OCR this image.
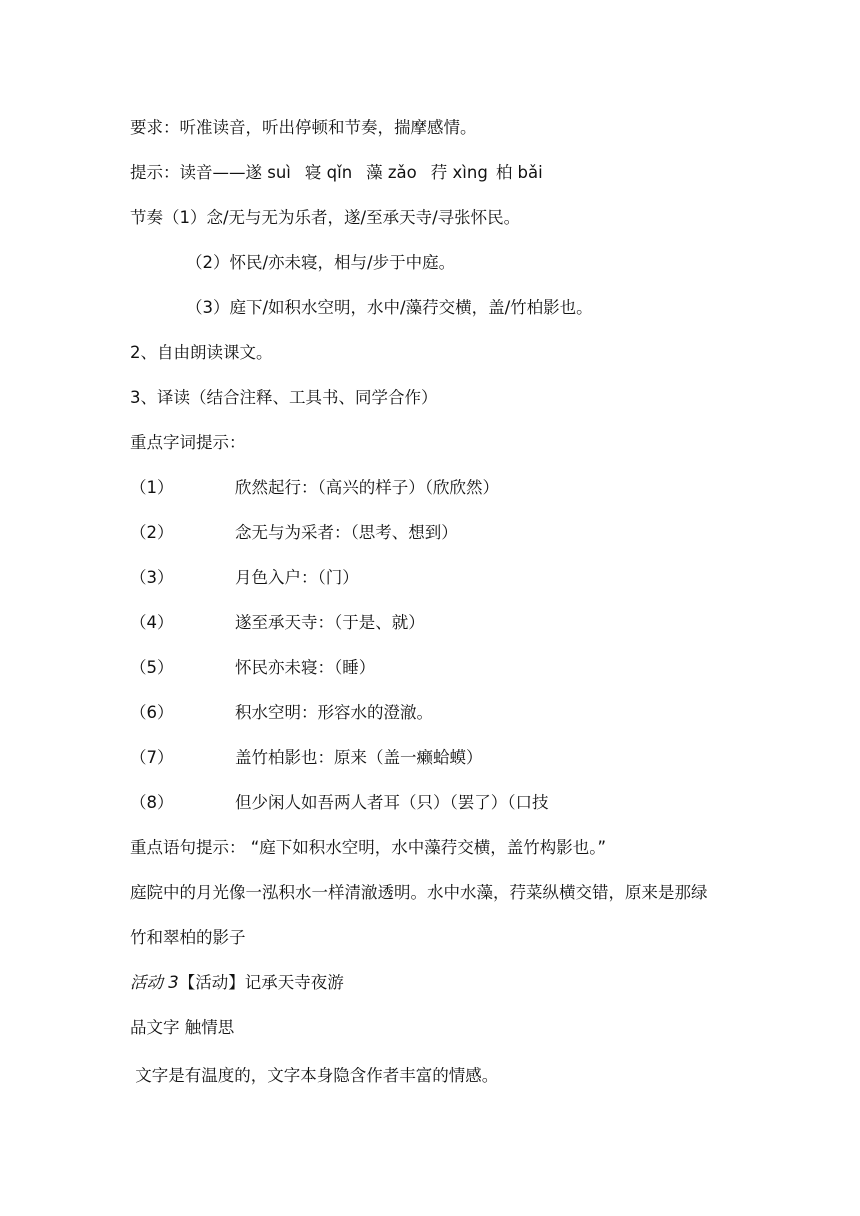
要求：听准读音，听出停顿和节奏，揣摩感情。
提示：读音——遂 suì 寝 qǐn 藻 zǎo 荇 xìng 柏 bǎi
节奏（1）念/无与无为乐者，遂/至承天寺/寻张怀民。
（2）怀民/亦未寝，相与/步于中庭。
（3）庭下/如积水空明，水中/藻荇交横，盖/竹柏影也。
2、自由朗读课文。
3、译读（结合注释、工具书、同学合作）
重点字词提示：
（1）	欣然起行：（高兴的样子）（欣欣然）
（2）	念无与为采者：（思考、想到）
（3）	月色入户：（门）
（4）	遂至承天寺：（于是、就）
（5）	怀民亦未寝：（睡）
（6）	积水空明：形容水的澄澈。
（7）	盖竹柏影也：原来（盖一癞蛤蟆）
（8）	但少闲人如吾两人者耳（只）（罢了）（口技
重点语句提示： “庭下如积水空明，水中藻荇交横，盖竹构影也。”
庭院中的月光像一泓积水一样清澈透明。水中水藻，荇菜纵横交错，原来是那绿
竹和翠柏的影子
活动 3【活动】记承天寺夜游
品文字 触情思
文字是有温度的，文字本身隐含作者丰富的情感。
